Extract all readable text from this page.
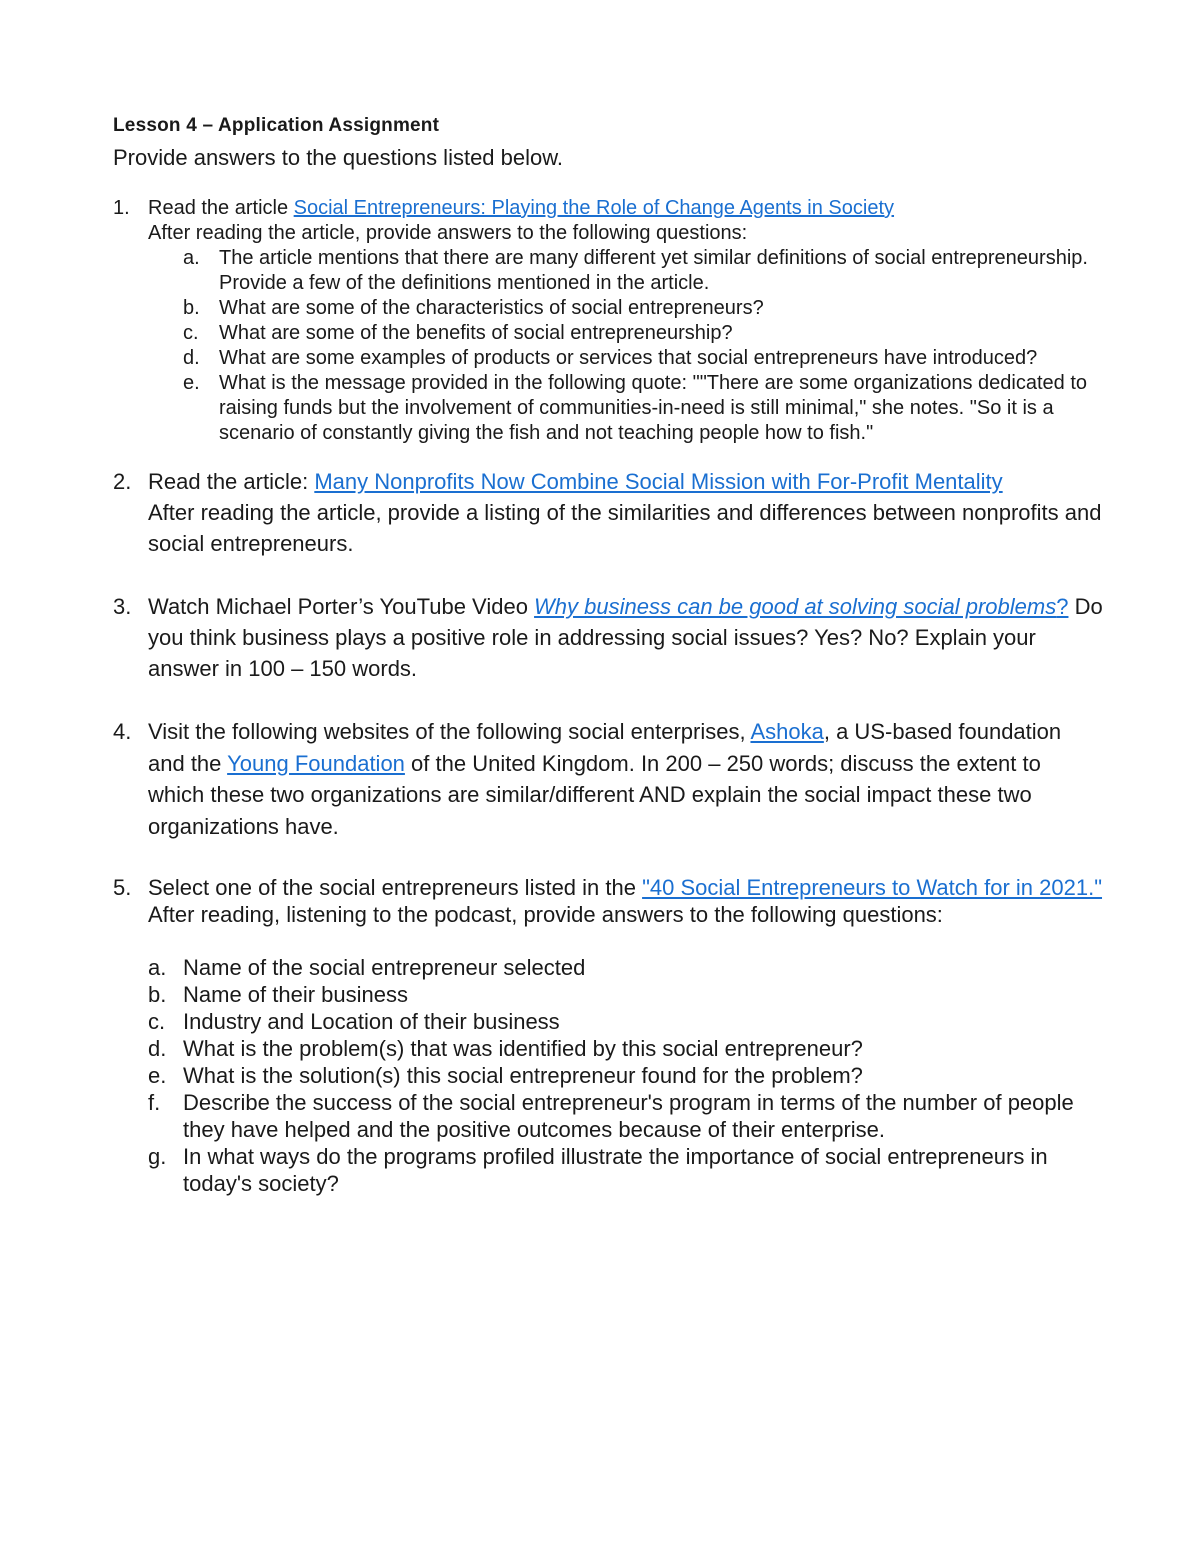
Lesson 4 – Application Assignment
Provide answers to the questions listed below.
1. Read the article Social Entrepreneurs: Playing the Role of Change Agents in Society
After reading the article, provide answers to the following questions:
a. The article mentions that there are many different yet similar definitions of social entrepreneurship. Provide a few of the definitions mentioned in the article.
b. What are some of the characteristics of social entrepreneurs?
c. What are some of the benefits of social entrepreneurship?
d. What are some examples of products or services that social entrepreneurs have introduced?
e. What is the message provided in the following quote: ""There are some organizations dedicated to raising funds but the involvement of communities-in-need is still minimal," she notes. "So it is a scenario of constantly giving the fish and not teaching people how to fish."
2. Read the article: Many Nonprofits Now Combine Social Mission with For-Profit Mentality
After reading the article, provide a listing of the similarities and differences between nonprofits and social entrepreneurs.
3. Watch Michael Porter’s YouTube Video Why business can be good at solving social problems? Do you think business plays a positive role in addressing social issues? Yes? No? Explain your answer in 100 – 150 words.
4. Visit the following websites of the following social enterprises, Ashoka, a US-based foundation and the Young Foundation of the United Kingdom. In 200 – 250 words; discuss the extent to which these two organizations are similar/different AND explain the social impact these two organizations have.
5. Select one of the social entrepreneurs listed in the "40 Social Entrepreneurs to Watch for in 2021."
After reading, listening to the podcast, provide answers to the following questions:
a. Name of the social entrepreneur selected
b. Name of their business
c. Industry and Location of their business
d. What is the problem(s) that was identified by this social entrepreneur?
e. What is the solution(s) this social entrepreneur found for the problem?
f. Describe the success of the social entrepreneur's program in terms of the number of people they have helped and the positive outcomes because of their enterprise.
g. In what ways do the programs profiled illustrate the importance of social entrepreneurs in today's society?
